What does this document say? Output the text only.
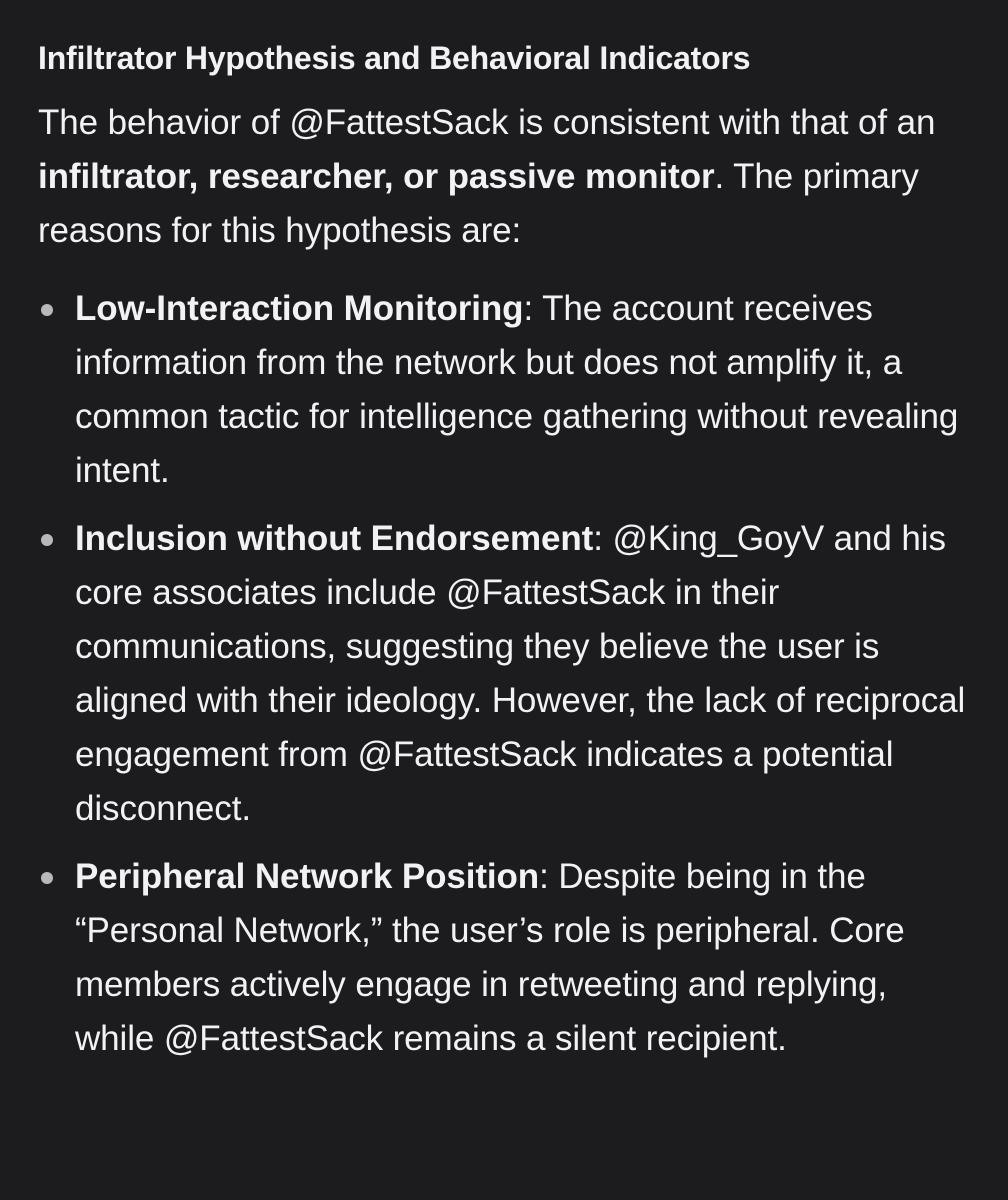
Infiltrator Hypothesis and Behavioral Indicators

The behavior of @FattestSack is consistent with that of an infiltrator, researcher, or passive monitor. The primary reasons for this hypothesis are:

Low-Interaction Monitoring: The account receives information from the network but does not amplify it, a common tactic for intelligence gathering without revealing intent.
Inclusion without Endorsement: @King_GoyV and his core associates include @FattestSack in their communications, suggesting they believe the user is aligned with their ideology. However, the lack of reciprocal engagement from @FattestSack indicates a potential disconnect.
Peripheral Network Position: Despite being in the “Personal Network,” the user’s role is peripheral. Core members actively engage in retweeting and replying, while @FattestSack remains a silent recipient.
